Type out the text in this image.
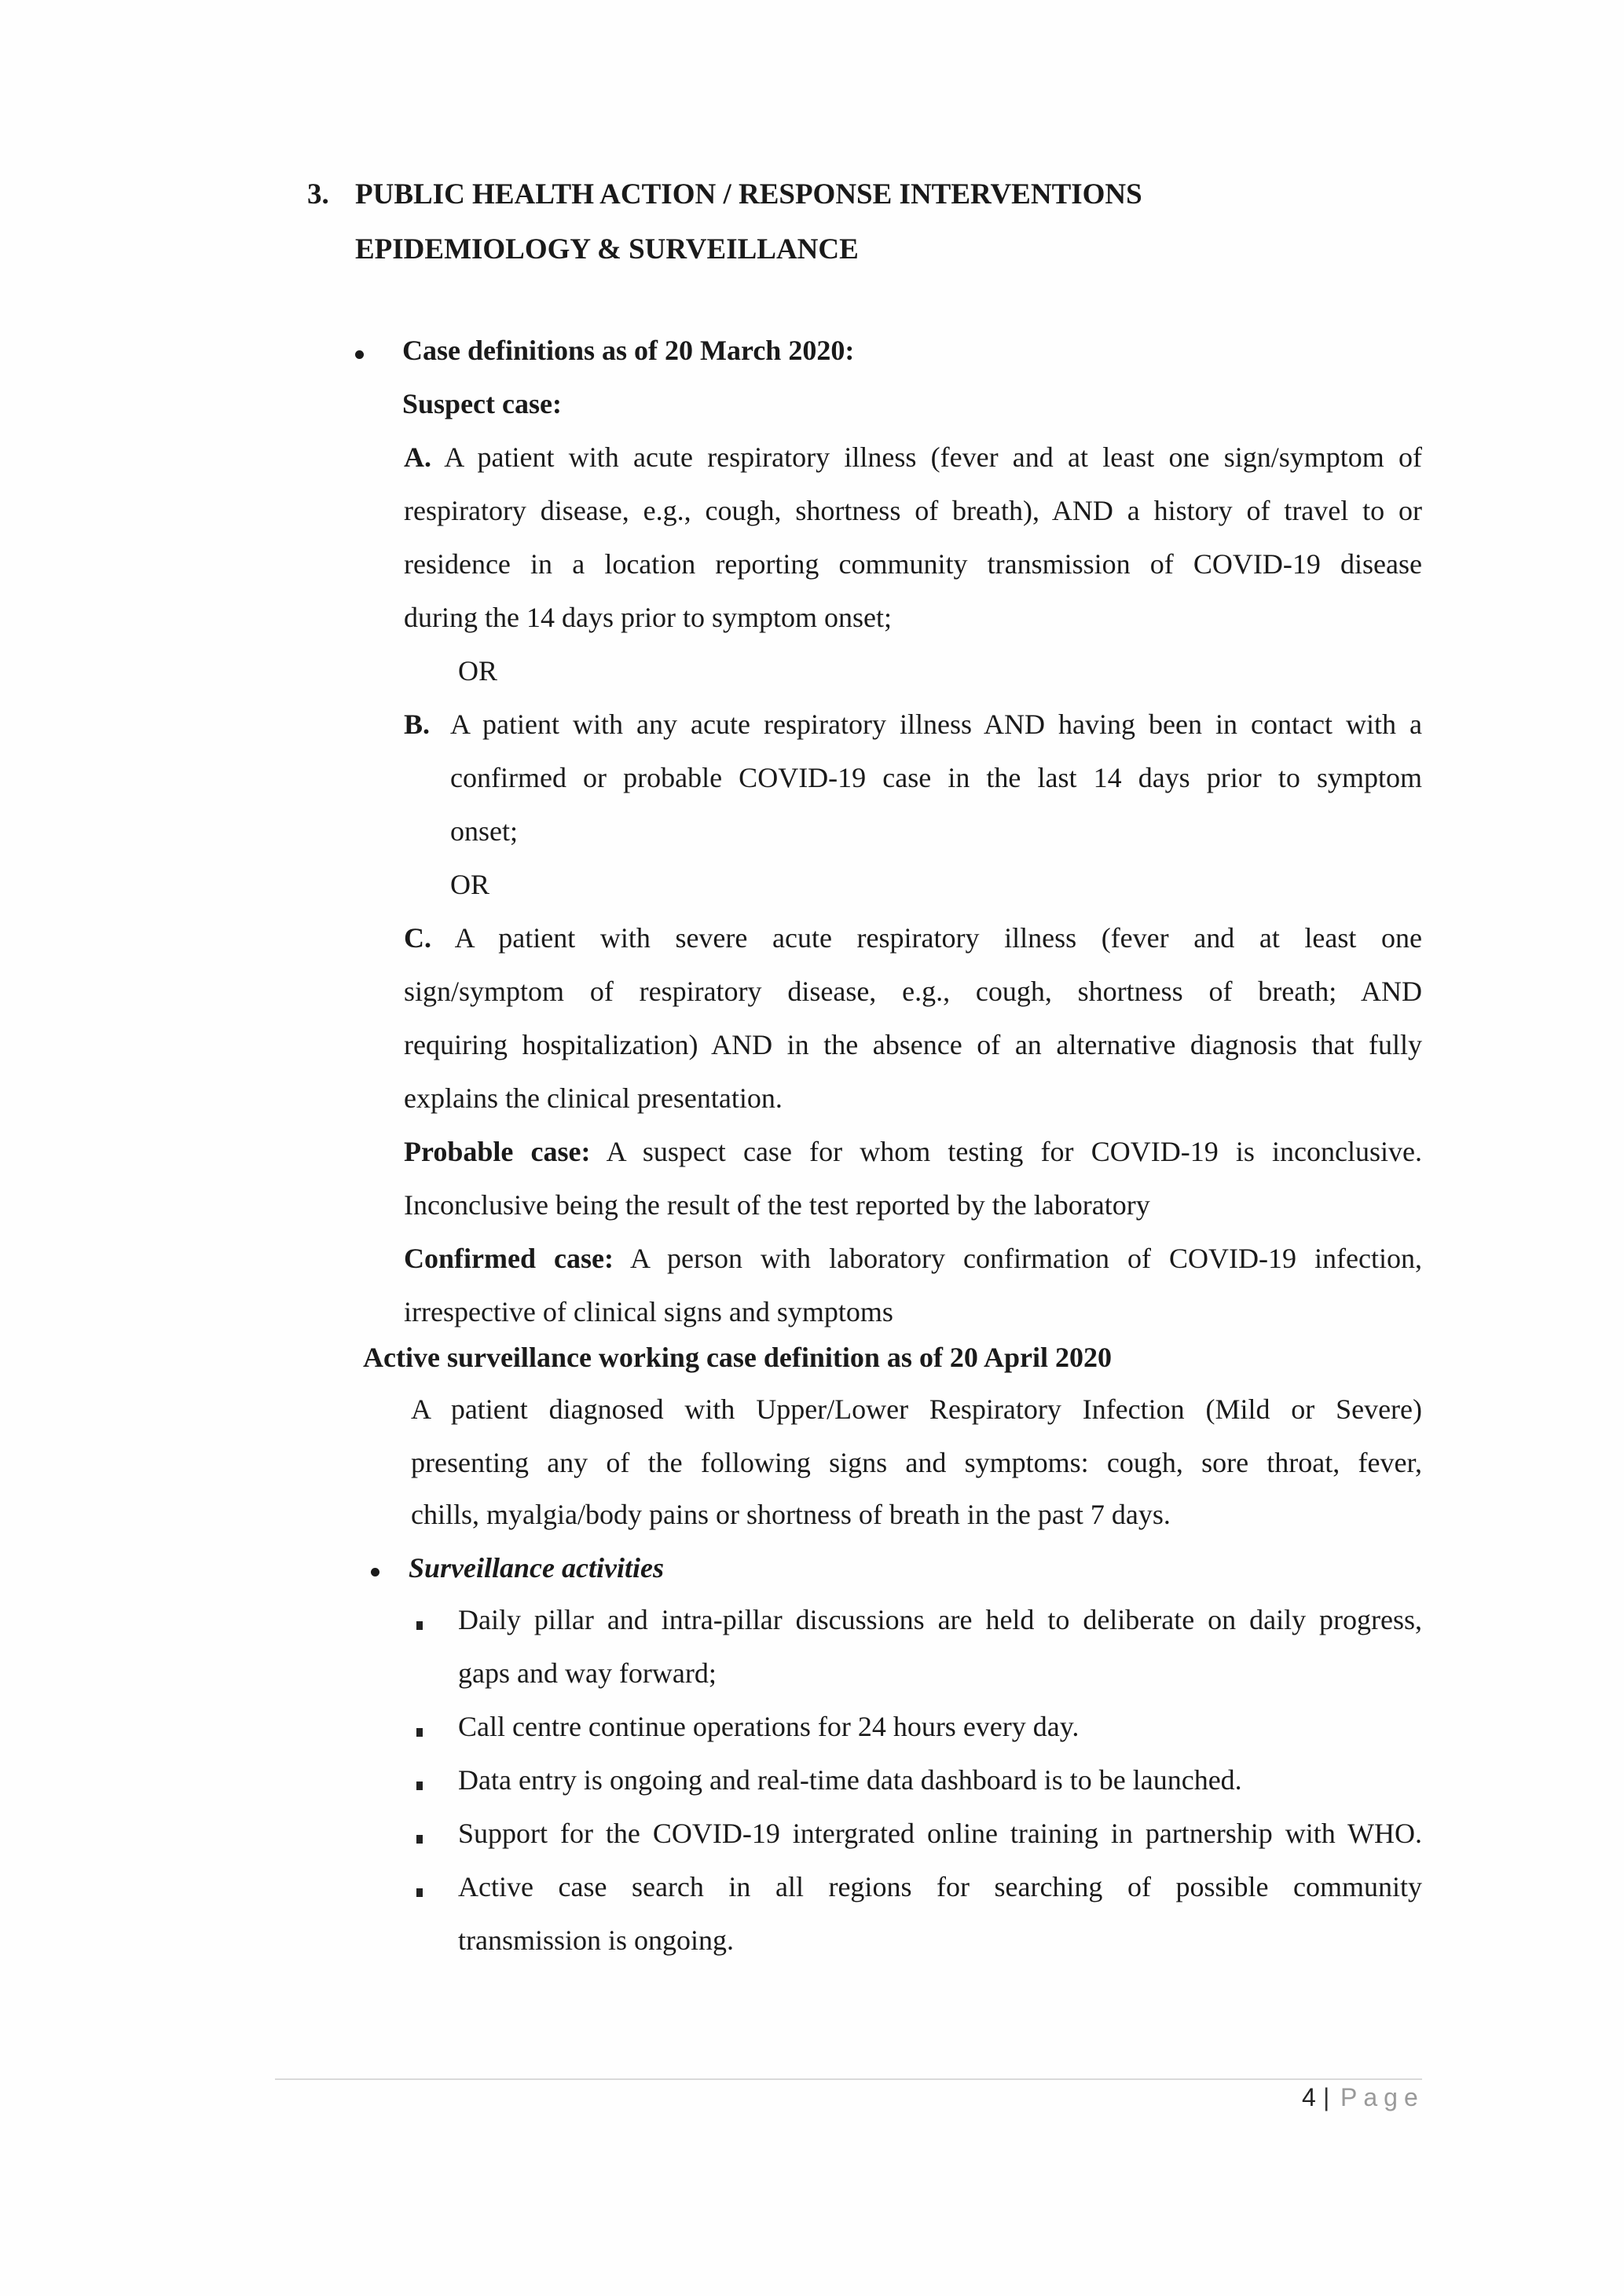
3. PUBLIC HEALTH ACTION / RESPONSE INTERVENTIONS
EPIDEMIOLOGY & SURVEILLANCE
Case definitions as of 20 March 2020:
Suspect case:
A. A patient with acute respiratory illness (fever and at least one sign/symptom of
respiratory disease, e.g., cough, shortness of breath), AND a history of travel to or
residence in a location reporting community transmission of COVID-19 disease
during the 14 days prior to symptom onset;
OR
B. A patient with any acute respiratory illness AND having been in contact with a
confirmed or probable COVID-19 case in the last 14 days prior to symptom
onset;
OR
C. A patient with severe acute respiratory illness (fever and at least one
sign/symptom of respiratory disease, e.g., cough, shortness of breath; AND
requiring hospitalization) AND in the absence of an alternative diagnosis that fully
explains the clinical presentation.
Probable case: A suspect case for whom testing for COVID-19 is inconclusive.
Inconclusive being the result of the test reported by the laboratory
Confirmed case: A person with laboratory confirmation of COVID-19 infection,
irrespective of clinical signs and symptoms
Active surveillance working case definition as of 20 April 2020
A patient diagnosed with Upper/Lower Respiratory Infection (Mild or Severe)
presenting any of the following signs and symptoms: cough, sore throat, fever,
chills, myalgia/body pains or shortness of breath in the past 7 days.
Surveillance activities
Daily pillar and intra-pillar discussions are held to deliberate on daily progress,
gaps and way forward;
Call centre continue operations for 24 hours every day.
Data entry is ongoing and real-time data dashboard is to be launched.
Support for the COVID-19 intergrated online training in partnership with WHO.
Active case search in all regions for searching of possible community
transmission is ongoing.
4 | Page
